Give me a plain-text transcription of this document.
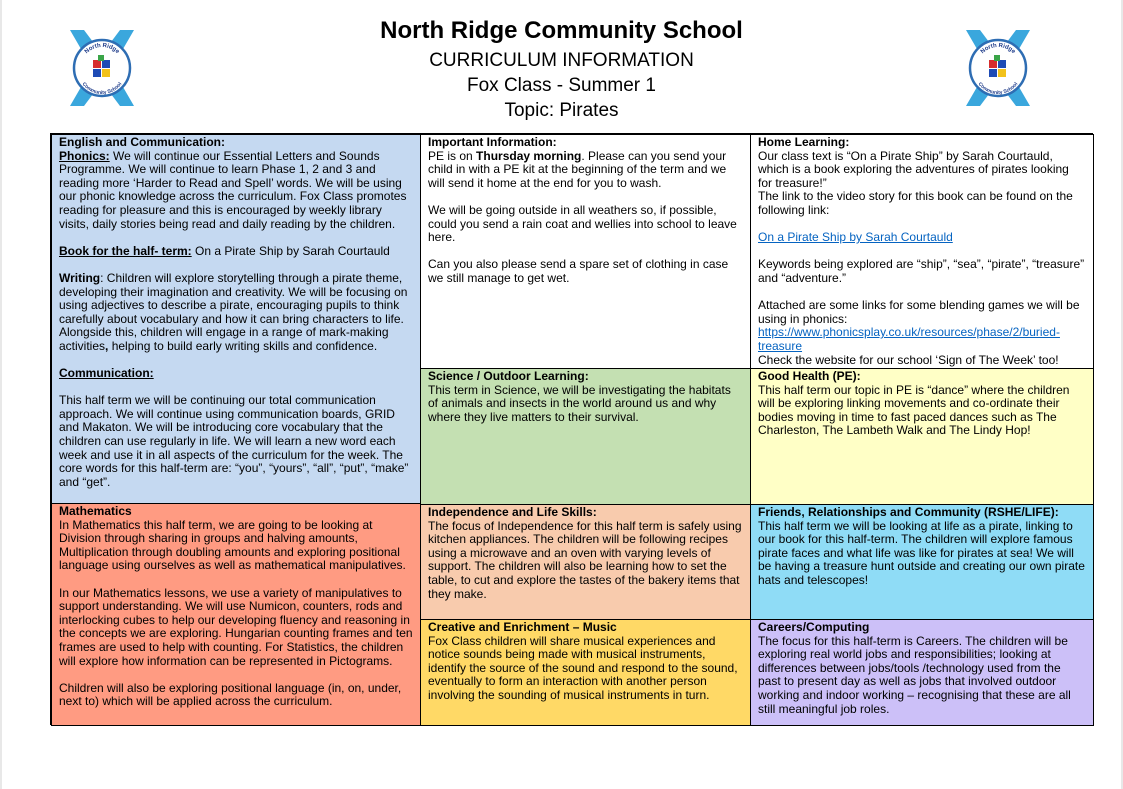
North Ridge Community School
CURRICULUM INFORMATION
Fox Class - Summer 1
Topic: Pirates
North Ridge
Community School
North Ridge
Community School

English and Communication:

Phonics: We will continue our Essential Letters and Sounds Programme. We will continue to learn Phase 1, 2 and 3 and reading more ‘Harder to Read and Spell’ words. We will be using our phonic knowledge across the curriculum. Fox Class promotes reading for pleasure and this is encouraged by weekly library visits, daily stories being read and daily reading by the children.

Book for the half- term: On a Pirate Ship by Sarah Courtauld

Writing: Children will explore storytelling through a pirate theme, developing their imagination and creativity. We will be focusing on using adjectives to describe a pirate, encouraging pupils to think carefully about vocabulary and how it can bring characters to life. Alongside this, children will engage in a range of mark-making activities, helping to build early writing skills and confidence.

Communication:

This half term we will be continuing our total communication approach. We will continue using communication boards, GRID and Makaton. We will be introducing core vocabulary that the children can use regularly in life. We will learn a new word each week and use it in all aspects of the curriculum for the week. The core words for this half-term are: “you”, “yours”, “all”, “put”, “make” and “get”.

Important Information:

PE is on Thursday morning. Please can you send your child in with a PE kit at the beginning of the term and we will send it home at the end for you to wash.

We will be going outside in all weathers so, if possible, could you send a rain coat and wellies into school to leave here.

Can you also please send a spare set of clothing in case we still manage to get wet.

Home Learning:

Our class text is “On a Pirate Ship” by Sarah Courtauld, which is a book exploring the adventures of pirates looking for treasure!”

The link to the video story for this book can be found on the following link:

On a Pirate Ship by Sarah Courtauld

Keywords being explored are “ship”, “sea”, “pirate”, “treasure” and “adventure.”

Attached are some links for some blending games we will be using in phonics:

https://www.phonicsplay.co.uk/resources/phase/2/buried-treasure

Check the website for our school ‘Sign of The Week’ too!

Science / Outdoor Learning:

This term in Science, we will be investigating the habitats of animals and insects in the world around us and why where they live matters to their survival.

Good Health (PE):

This half term our topic in PE is “dance” where the children will be exploring linking movements and co-ordinate their bodies moving in time to fast paced dances such as The Charleston, The Lambeth Walk and The Lindy Hop!

Mathematics

In Mathematics this half term, we are going to be looking at Division through sharing in groups and halving amounts, Multiplication through doubling amounts and exploring positional language using ourselves as well as mathematical manipulatives.

In our Mathematics lessons, we use a variety of manipulatives to support understanding. We will use Numicon, counters, rods and interlocking cubes to help our developing fluency and reasoning in the concepts we are exploring. Hungarian counting frames and ten frames are used to help with counting. For Statistics, the children will explore how information can be represented in Pictograms.

Children will also be exploring positional language (in, on, under, next to) which will be applied across the curriculum.

Independence and Life Skills:

The focus of Independence for this half term is safely using kitchen appliances. The children will be following recipes using a microwave and an oven with varying levels of support. The children will also be learning how to set the table, to cut and explore the tastes of the bakery items that they make.

Friends, Relationships and Community (RSHE/LIFE):

This half term we will be looking at life as a pirate, linking to our book for this half-term. The children will explore famous pirate faces and what life was like for pirates at sea! We will be having a treasure hunt outside and creating our own pirate hats and telescopes!

Creative and Enrichment – Music

Fox Class children will share musical experiences and notice sounds being made with musical instruments, identify the source of the sound and respond to the sound, eventually to form an interaction with another person involving the sounding of musical instruments in turn.

Careers/Computing

The focus for this half-term is Careers. The children will be exploring real world jobs and responsibilities; looking at differences between jobs/tools /technology used from the past to present day as well as jobs that involved outdoor working and indoor working – recognising that these are all still meaningful job roles.
